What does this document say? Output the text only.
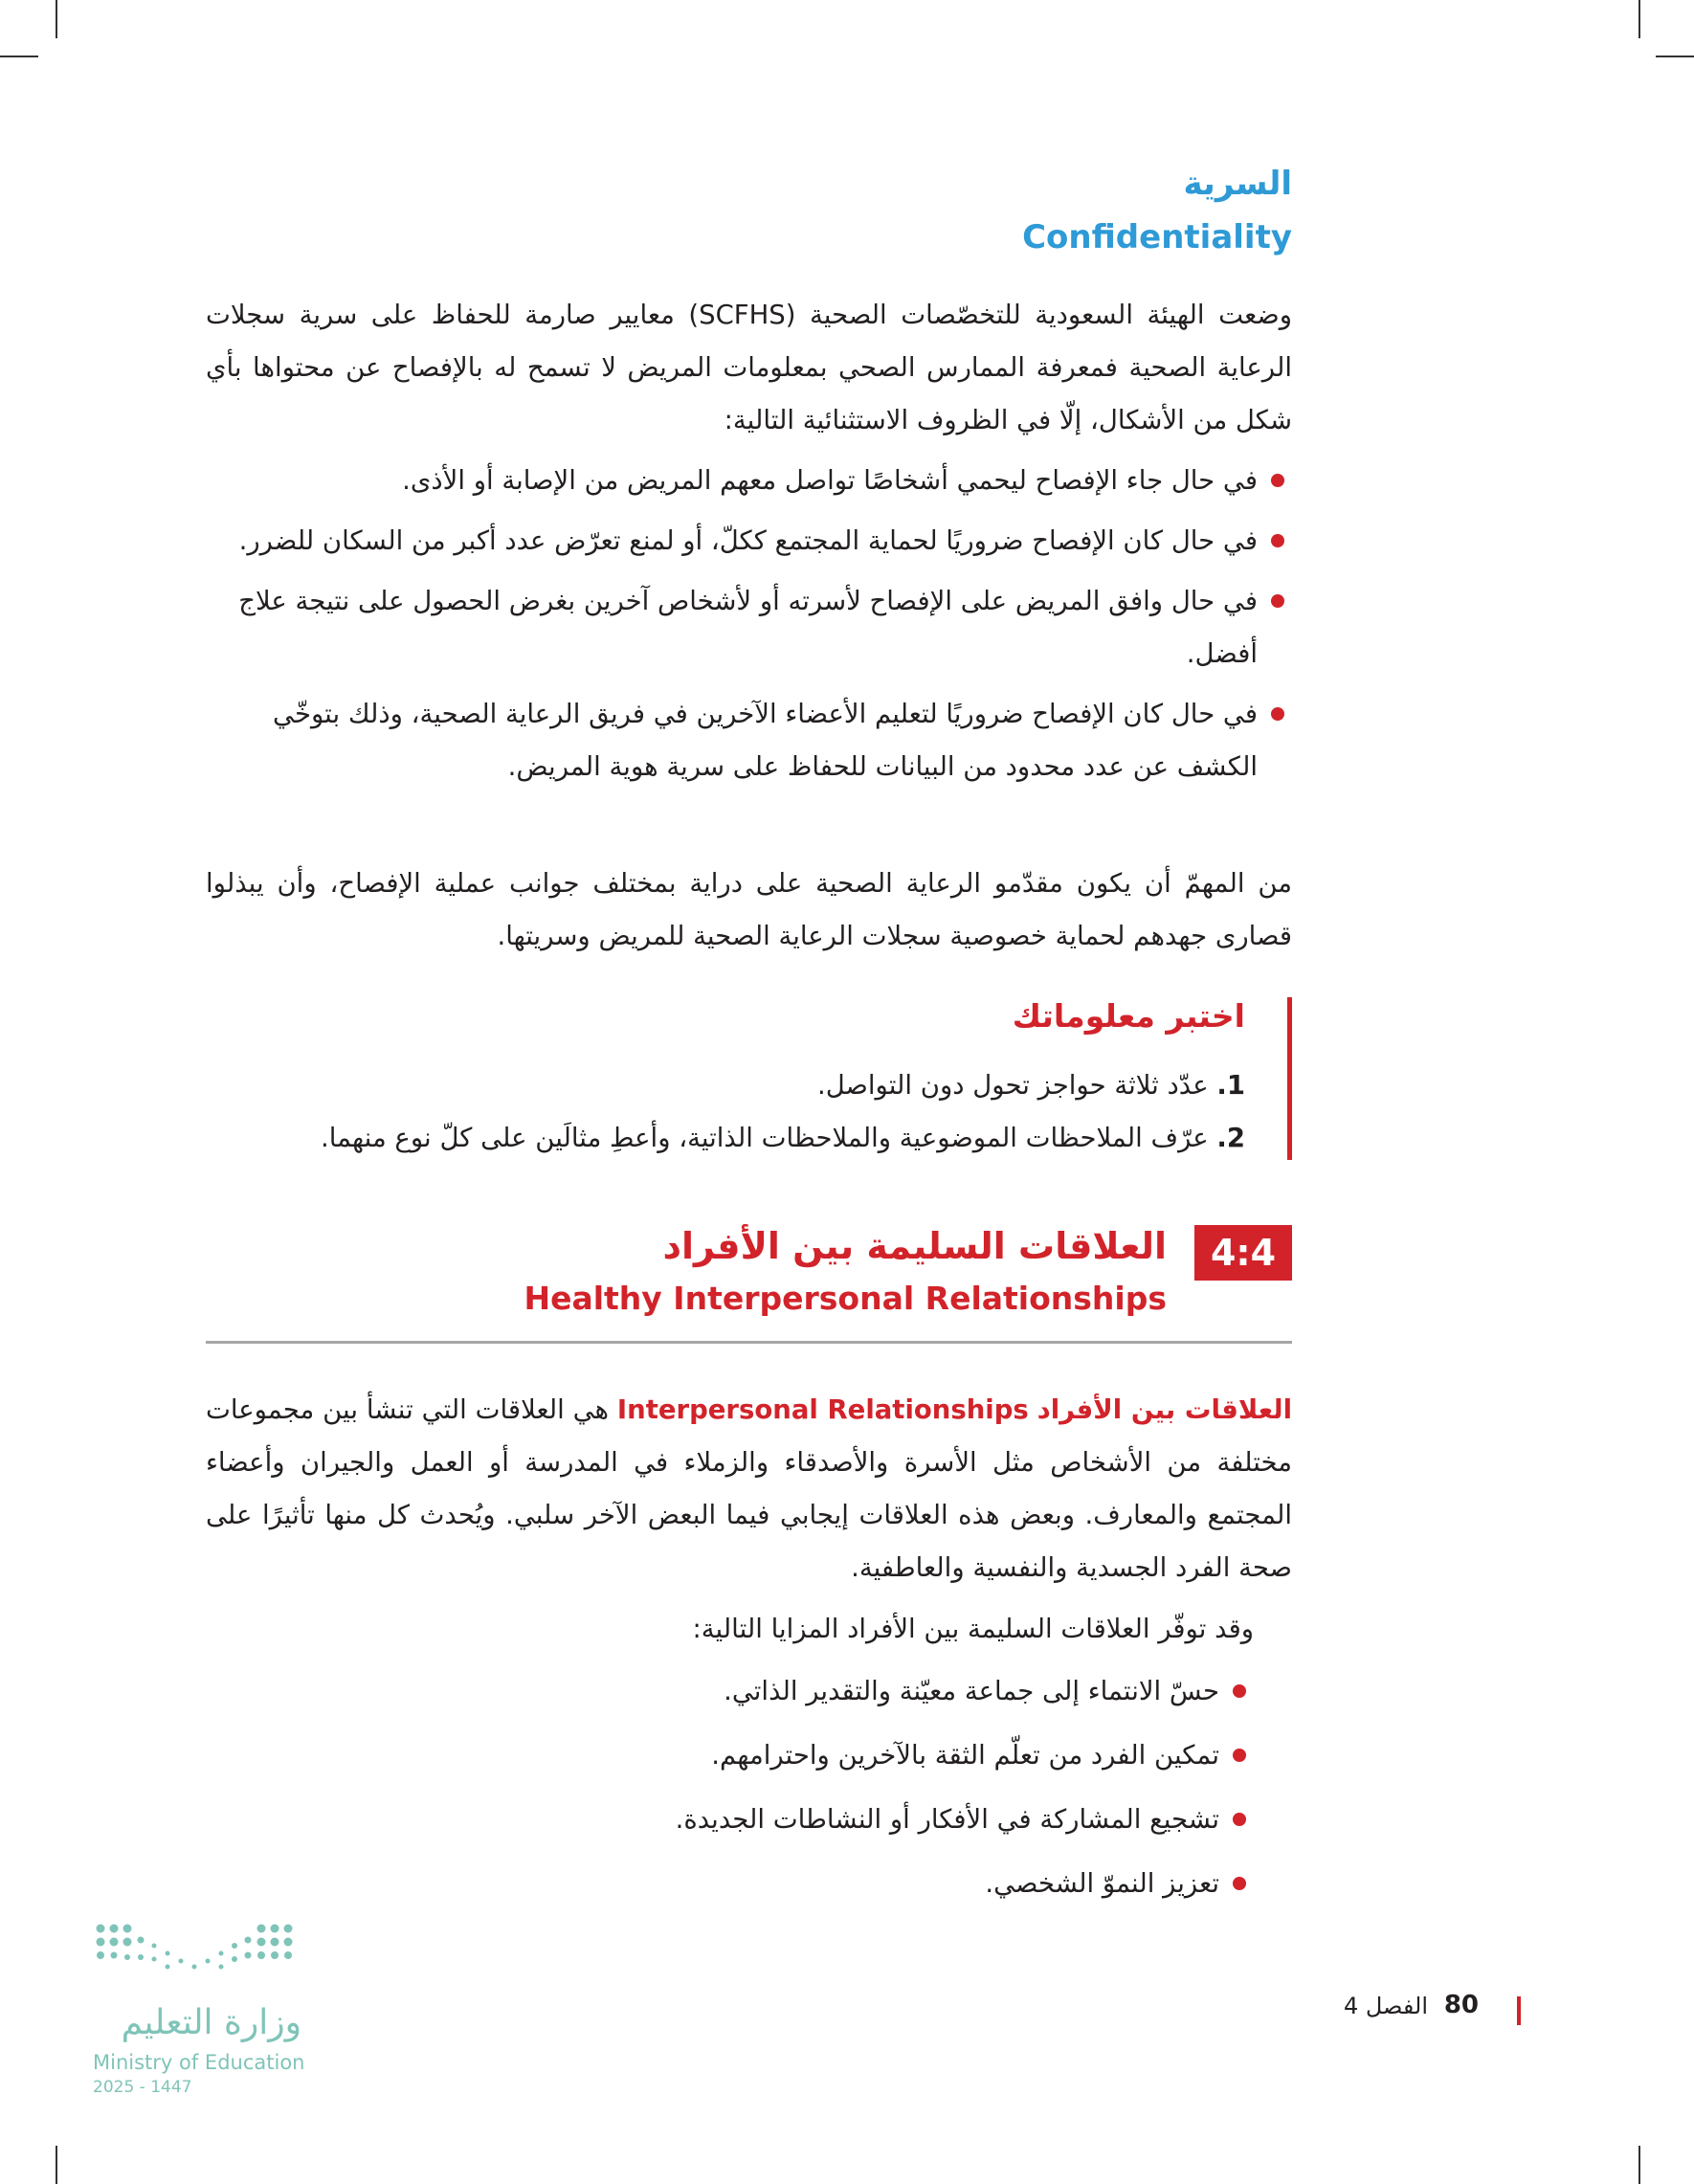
السرية
Confidentiality
وضعت الهيئة السعودية للتخصّصات الصحية (SCFHS) معايير صارمة للحفاظ على سرية سجلات الرعاية الصحية فمعرفة الممارس الصحي بمعلومات المريض لا تسمح له بالإفصاح عن محتواها بأي شكل من الأشكال، إلّا في الظروف الاستثنائية التالية:
في حال جاء الإفصاح ليحمي أشخاصًا تواصل معهم المريض من الإصابة أو الأذى.
في حال كان الإفصاح ضروريًا لحماية المجتمع ككلّ، أو لمنع تعرّض عدد أكبر من السكان للضرر.
في حال وافق المريض على الإفصاح لأسرته أو لأشخاص آخرين بغرض الحصول على نتيجة علاج أفضل.
في حال كان الإفصاح ضروريًا لتعليم الأعضاء الآخرين في فريق الرعاية الصحية، وذلك بتوخّي الكشف عن عدد محدود من البيانات للحفاظ على سرية هوية المريض.
من المهمّ أن يكون مقدّمو الرعاية الصحية على دراية بمختلف جوانب عملية الإفصاح، وأن يبذلوا قصارى جهدهم لحماية خصوصية سجلات الرعاية الصحية للمريض وسريتها.
اختبر معلوماتك
1. عدّد ثلاثة حواجز تحول دون التواصل.
2. عرّف الملاحظات الموضوعية والملاحظات الذاتية، وأعطِ مثالَين على كلّ نوع منهما.
4:4
العلاقات السليمة بين الأفراد
Healthy Interpersonal Relationships
العلاقات بين الأفراد Interpersonal Relationships هي العلاقات التي تنشأ بين مجموعات مختلفة من الأشخاص مثل الأسرة والأصدقاء والزملاء في المدرسة أو العمل والجيران وأعضاء المجتمع والمعارف. وبعض هذه العلاقات إيجابي فيما البعض الآخر سلبي. ويُحدث كل منها تأثيرًا على صحة الفرد الجسدية والنفسية والعاطفية.
وقد توفّر العلاقات السليمة بين الأفراد المزايا التالية:
حسّ الانتماء إلى جماعة معيّنة والتقدير الذاتي.
تمكين الفرد من تعلّم الثقة بالآخرين واحترامهم.
تشجيع المشاركة في الأفكار أو النشاطات الجديدة.
تعزيز النموّ الشخصي.
وزارة التعليم
Ministry of Education
2025 - 1447
80
الفصل 4
